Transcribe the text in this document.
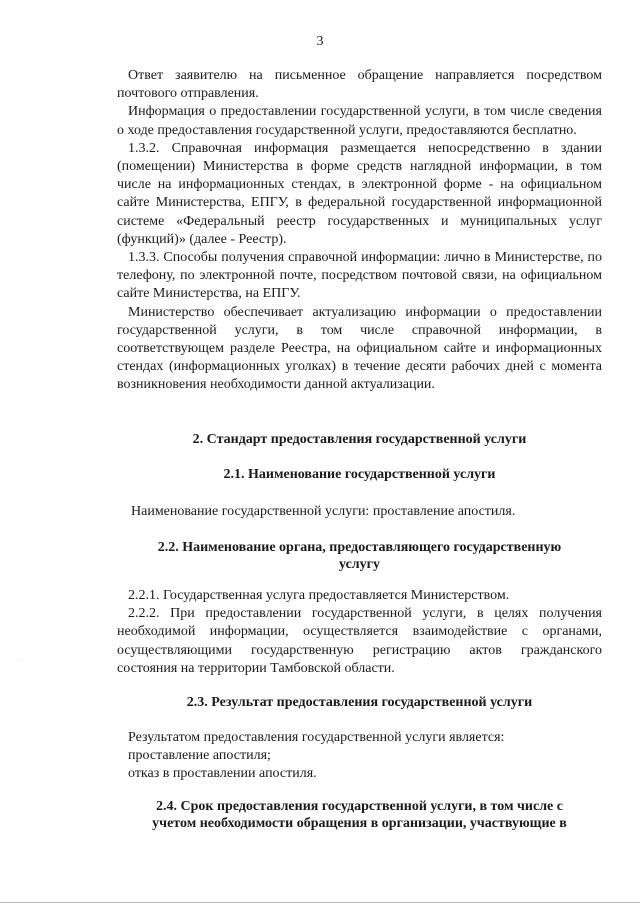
3

Ответ заявителю на письменное обращение направляется посредством почтового отправления.

Информация о предоставлении государственной услуги, в том числе сведения о ходе предоставления государственной услуги, предоставляются бесплатно.

1.3.2. Справочная информация размещается непосредственно в здании (помещении) Министерства в форме средств наглядной информации, в том числе на информационных стендах, в электронной форме - на официальном сайте Министерства, ЕПГУ, в федеральной государственной информационной системе «Федеральный реестр государственных и муниципальных услуг (функций)» (далее - Реестр).

1.3.3. Способы получения справочной информации: лично в Министерстве, по телефону, по электронной почте, посредством почтовой связи, на официальном сайте Министерства, на ЕПГУ.

Министерство обеспечивает актуализацию информации о предоставлении государственной услуги, в том числе справочной информации, в соответствующем разделе Реестра, на официальном сайте и информационных стендах (информационных уголках) в течение десяти рабочих дней с момента возникновения необходимости данной актуализации.

2. Стандарт предоставления государственной услуги

2.1. Наименование государственной услуги

Наименование государственной услуги: проставление апостиля.

2.2. Наименование органа, предоставляющего государственную

услугу

2.2.1. Государственная услуга предоставляется Министерством.

2.2.2. При предоставлении государственной услуги, в целях получения необходимой информации, осуществляется взаимодействие с органами, осуществляющими государственную регистрацию актов гражданского состояния на территории Тамбовской области.

2.3. Результат предоставления государственной услуги

Результатом предоставления государственной услуги является:

проставление апостиля;

отказ в проставлении апостиля.

2.4. Срок предоставления государственной услуги, в том числе с

учетом необходимости обращения в организации, участвующие в
